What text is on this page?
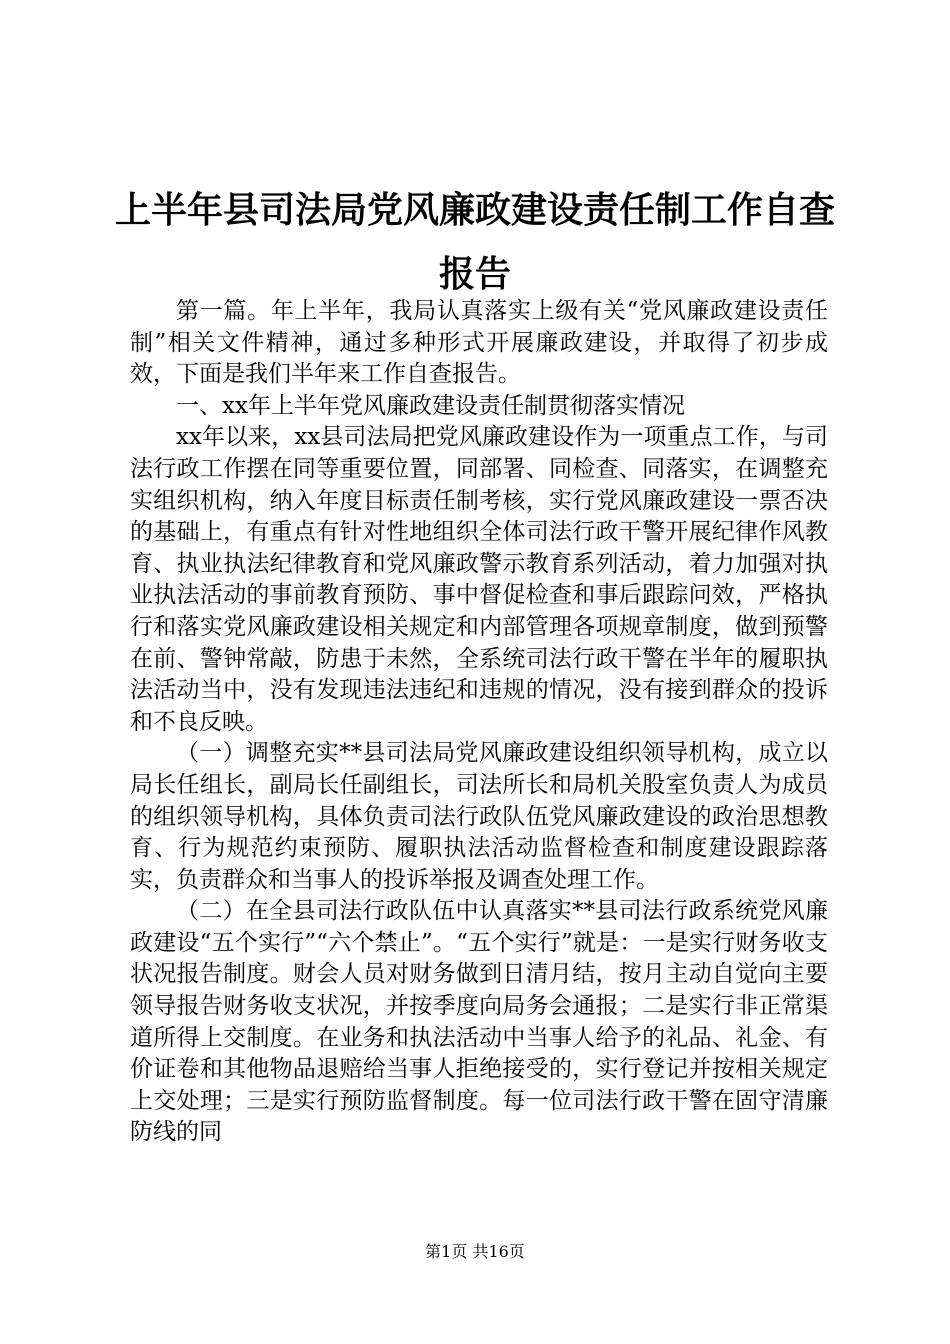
上半年县司法局党风廉政建设责任制工作自查报告

第一篇。年上半年，我局认真落实上级有关“党风廉政建设责任制”相关文件精神，通过多种形式开展廉政建设，并取得了初步成效，下面是我们半年来工作自查报告。

一、xx年上半年党风廉政建设责任制贯彻落实情况

xx年以来，xx县司法局把党风廉政建设作为一项重点工作，与司法行政工作摆在同等重要位置，同部署、同检查、同落实，在调整充实组织机构，纳入年度目标责任制考核，实行党风廉政建设一票否决的基础上，有重点有针对性地组织全体司法行政干警开展纪律作风教育、执业执法纪律教育和党风廉政警示教育系列活动，着力加强对执业执法活动的事前教育预防、事中督促检查和事后跟踪问效，严格执行和落实党风廉政建设相关规定和内部管理各项规章制度，做到预警在前、警钟常敲，防患于未然，全系统司法行政干警在半年的履职执法活动当中，没有发现违法违纪和违规的情况，没有接到群众的投诉和不良反映。

（一）调整充实**县司法局党风廉政建设组织领导机构，成立以局长任组长，副局长任副组长，司法所长和局机关股室负责人为成员的组织领导机构，具体负责司法行政队伍党风廉政建设的政治思想教育、行为规范约束预防、履职执法活动监督检查和制度建设跟踪落实，负责群众和当事人的投诉举报及调查处理工作。

（二）在全县司法行政队伍中认真落实**县司法行政系统党风廉政建设“五个实行”“六个禁止”。“五个实行”就是：一是实行财务收支状况报告制度。财会人员对财务做到日清月结，按月主动自觉向主要领导报告财务收支状况，并按季度向局务会通报；二是实行非正常渠道所得上交制度。在业务和执法活动中当事人给予的礼品、礼金、有价证卷和其他物品退赔给当事人拒绝接受的，实行登记并按相关规定上交处理；三是实行预防监督制度。每一位司法行政干警在固守清廉防线的同

第1页 共16页
